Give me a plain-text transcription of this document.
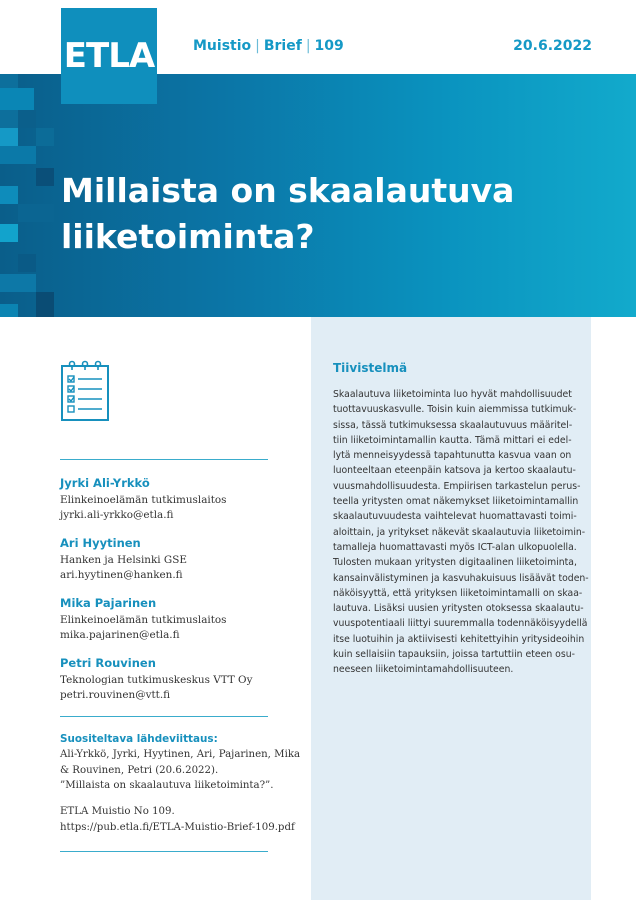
ETLA	Muistio | Brief | 109	20.6.2022
Millaista on skaalautuva
liiketoiminta?
Jyrki Ali-Yrkkö
Elinkeinoelämän tutkimuslaitos
jyrki.ali-yrkko@etla.fi
Ari Hyytinen
Hanken ja Helsinki GSE
ari.hyytinen@hanken.fi
Mika Pajarinen
Elinkeinoelämän tutkimuslaitos
mika.pajarinen@etla.fi
Petri Rouvinen
Teknologian tutkimuskeskus VTT Oy
petri.rouvinen@vtt.fi
Suositeltava lähdeviittaus:
Ali-Yrkkö, Jyrki, Hyytinen, Ari, Pajarinen, Mika
& Rouvinen, Petri (20.6.2022).
”Millaista on skaalautuva liiketoiminta?”.
ETLA Muistio No 109.
https://pub.etla.fi/ETLA-Muistio-Brief-109.pdf
Tiivistelmä
Skaalautuva liiketoiminta luo hyvät mahdollisuudet
tuottavuuskasvulle. Toisin kuin aiemmissa tutkimuk-
sissa, tässä tutkimuksessa skaalautuvuus määritel-
tiin liiketoimintamallin kautta. Tämä mittari ei edel-
lytä menneisyydessä tapahtunutta kasvua vaan on
luonteeltaan eteenpäin katsova ja kertoo skaalautu-
vuusmahdollisuudesta. Empiirisen tarkastelun perus-
teella yritysten omat näkemykset liiketoimintamallin
skaalautuvuudesta vaihtelevat huomattavasti toimi-
aloittain, ja yritykset näkevät skaalautuvia liiketoimin-
tamalleja huomattavasti myös ICT-alan ulkopuolella.
Tulosten mukaan yritysten digitaalinen liiketoiminta,
kansainvälistyminen ja kasvuhakuisuus lisäävät toden-
näköisyyttä, että yrityksen liiketoimintamalli on skaa-
lautuva. Lisäksi uusien yritysten otoksessa skaalautu-
vuuspotentiaali liittyi suuremmalla todennäköisyydellä
itse luotuihin ja aktiivisesti kehitettyihin yritysideoihin
kuin sellaisiin tapauksiin, joissa tartuttiin eteen osu-
neeseen liiketoimintamahdollisuuteen.
